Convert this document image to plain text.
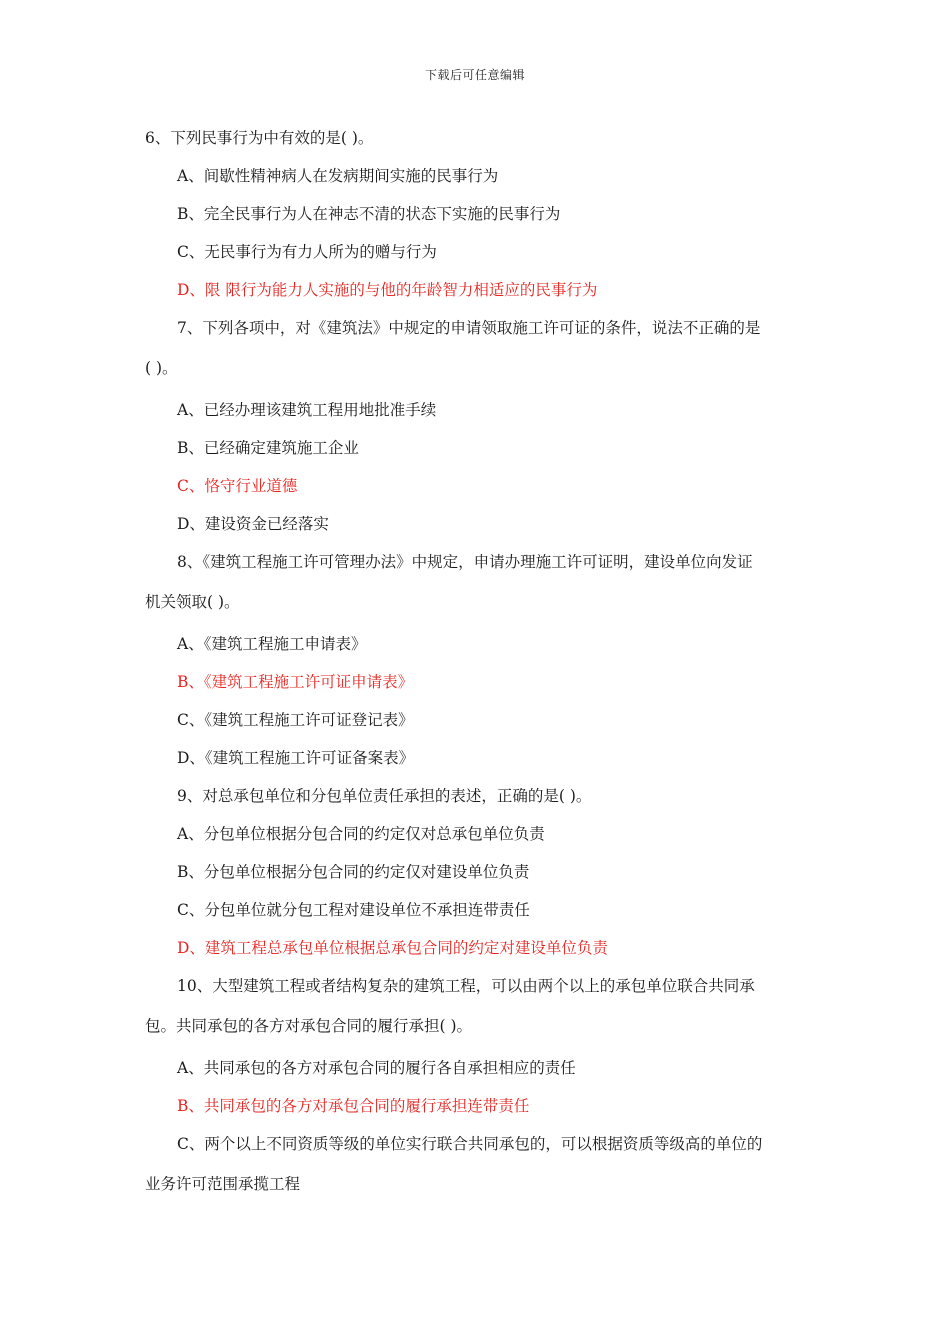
下载后可任意编辑

6、下列民事行为中有效的是( )。

A、间歇性精神病人在发病期间实施的民事行为

B、完全民事行为人在神志不清的状态下实施的民事行为

C、无民事行为有力人所为的赠与行为

D、限 限行为能力人实施的与他的年龄智力相适应的民事行为

7、下列各项中，对《建筑法》中规定的申请领取施工许可证的条件，说法不正确的是

( )。

A、已经办理该建筑工程用地批准手续

B、已经确定建筑施工企业

C、恪守行业道德

D、建设资金已经落实

8、《建筑工程施工许可管理办法》中规定，申请办理施工许可证明，建设单位向发证

机关领取( )。

A、《建筑工程施工申请表》

B、《建筑工程施工许可证申请表》

C、《建筑工程施工许可证登记表》

D、《建筑工程施工许可证备案表》

9、对总承包单位和分包单位责任承担的表述，正确的是( )。

A、分包单位根据分包合同的约定仅对总承包单位负责

B、分包单位根据分包合同的约定仅对建设单位负责

C、分包单位就分包工程对建设单位不承担连带责任

D、建筑工程总承包单位根据总承包合同的约定对建设单位负责

10、大型建筑工程或者结构复杂的建筑工程，可以由两个以上的承包单位联合共同承

包。共同承包的各方对承包合同的履行承担( )。

A、共同承包的各方对承包合同的履行各自承担相应的责任

B、共同承包的各方对承包合同的履行承担连带责任

C、两个以上不同资质等级的单位实行联合共同承包的，可以根据资质等级高的单位的

业务许可范围承揽工程
